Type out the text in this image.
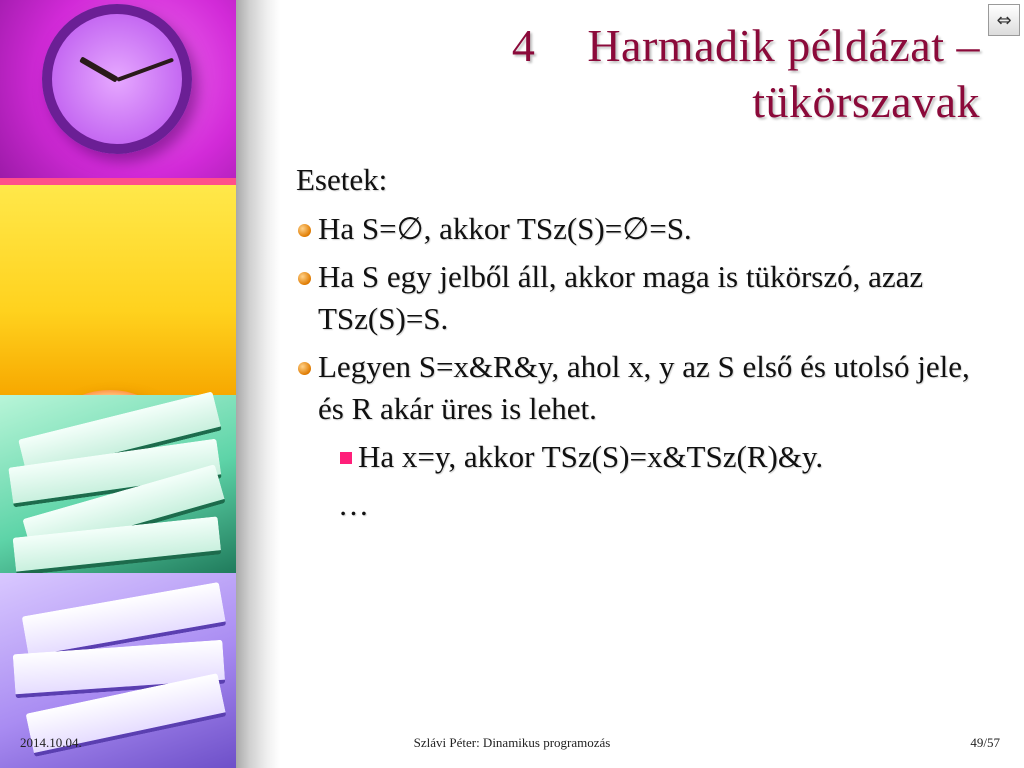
⇔
4 Harmadik példázat –
tükörszavak
Esetek:
Ha S=∅, akkor TSz(S)=∅=S.
Ha S egy jelből áll, akkor maga is tükörszó, azaz TSz(S)=S.
Legyen S=x&R&y, ahol x, y az S első és utolsó jele, és R akár üres is lehet.
Ha x=y, akkor TSz(S)=x&TSz(R)&y.
…
2014.10.04.	Szlávi Péter: Dinamikus programozás	49/57
